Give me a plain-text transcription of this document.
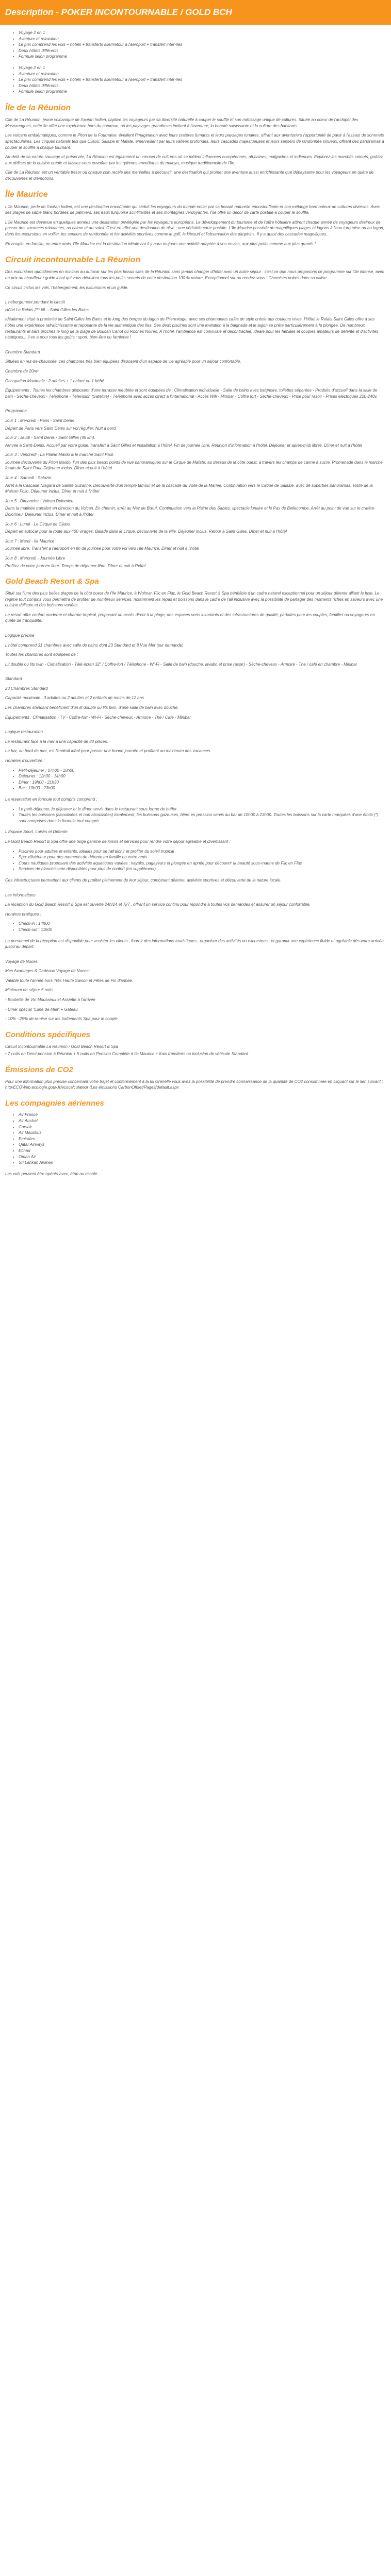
Description - POKER INCONTOURNABLE / GOLD BCH
• Voyage 2 en 1
• Aventure et relaxation
• Le prix comprend les vols + hôtels + transferts aller/retour à l'aéroport + transfert inter-îles
• Deux hôtels différents
• Formule selon programme
• Voyage 2 en 1
• Aventure et relaxation
• Le prix comprend les vols + hôtels + transferts aller/retour à l'aéroport + transfert inter-îles
• Deux hôtels différents
• Formule selon programme
Île de la Réunion

Cîle de La Réunion, jeune volcanique de l'océan Indien, captive les voyageurs par sa diversité naturelle à couper le souffle et son métissage unique de cultures. Située au coeur de l'archipel des Mascareignes, cette île offre une expérience hors du commun, où les paysages grandioses invitent à l'aventure, la beauté saisissante et la culture des habitants.

Les volcans emblématiques, comme le Piton de la Fournaise, éveillent l'imagination avec leurs cratères fumants et leurs paysages lunaires, offrant aux aventuriers l'opportunité de partir à l'assaut de sommets spectaculaires. Les cirques naturels tels que Cilaos, Salazie et Mafate, émerveillent par leurs vallées profondes, leurs cascades majestueuses et leurs sentiers de randonnée sinueux, offrant des panoramas à couper le souffle à chaque tournant.

Au-delà de sa nature sauvage et préservée, La Réunion est également un creuset de cultures où se mêlent influences européennes, africaines, malgaches et indiennes. Explorez les marchés colorés, goûtez aux délices de la cuisine créole et laissez-vous envoûter par les rythmes envoûtants du maloya, musique traditionnelle de l'île.

Cîle de La Réunion est un véritable trésor où chaque coin recèle des merveilles à découvrir, une destination qui promet une aventure aussi enrichissante que dépaysante pour les voyageurs en quête de découvertes et d'émotions.

Île Maurice

L'île Maurice, perle de l'océan Indien, est une destination envoûtante qui séduit les voyageurs du monde entier par sa beauté naturelle époustouflante et son mélange harmonieux de cultures diverses. Avec ses plages de sable blanc bordées de palmiers, ses eaux turquoise scintillantes et ses montagnes verdoyantes, l'île offre un décor de carte postale à couper le souffle.

L'île Maurice est devenue en quelques années une destination privilégiée par les voyageurs européens. Le développement du tourisme et de l'offre hôtelière attirent chaque année de voyageurs désireux de passer des vacances relaxantes, au calme et au soleil. C'est en effet une destination de rêve ; une véritable carte postale. L'île Maurice possède de magnifiques plages et lagons à l'eau turquoise ou au lagon, dans les excursions en voilier, les sentiers de randonnée et les activités sportives comme le golf, le kitesurf et l'observation des dauphins. Il y a aussi des cascades magnifiques...

En couple, en famille, ou entre amis, l'île Maurice est la destination idéale car il y aura toujours une activité adaptée à vos envies, aux plus petits comme aux plus grands !

Circuit incontournable La Réunion

Des excursions quotidiennes en minibus au autocar sur les plus beaux sites de la Réunion sans jamais changer d'hôtel avec un autre séjour : c'est ce que nous proposons ce programme sur l'île intense, avec un prix au chauffeur / guide local qui vous dévoilera tous les petits secrets de cette destination 100 % nature. Exceptionnel sur au rendez-vous ! Chemises noires dans sa valise.

Ce circuit inclus les vols, l'hébergement, les excursions et un guide.

L'hébergement pendant le circuit

Hôtel Le Relais 2** NL - Saint Gilles les Bains

Idéalement situé à proximité de Saint Gilles les Bains et le long des berges du lagon de l'Hermitage, avec ses charmantes cafés de style créole aux couleurs vives, l'Hôtel le Relais Saint Gilles offre à ses hôtes une expérience rafraîchissante et reposante de la vie authentique des îles. Ses deux piscines sont une invitation à la baignade et le lagon se prête particulièrement à la plongée. De nombreux restaurants et bars proches le long de la plage de Boucan Canot ou Roches Noires. À l'hôtel, l'ambiance est conviviale et décontractée, idéale pour les familles et couples amateurs de détente et d'activités nautiques... il en a pour tous les goûts : sport, bien-être ou farniente !

Chambre Standard

Situées en rez-de-chaussée, ces chambres très bien équipées disposent d'un espace de vie agréable pour un séjour confortable.

Chambre de 20m²

Occupation Maximale : 2 adultes + 1 enfant ou 1 bébé

Équipements : Toutes les chambres disposent d'une terrasse meublée et sont équipées de : Climatisation individuelle - Salle de bains avec baignoire, toilettes séparées - Produits d'accueil dans la salle de bain - Sèche-cheveux - Téléphone - Télévision (Satellite) - Téléphone avec accès direct à l'international - Accès Wifi - Minibar - Coffre fort - Sèche-cheveux - Prise pour rasoir - Prises électriques 220-240v.

Programme

Jour 1 : Mercredi - Paris - Saint Denis

Départ de Paris vers Saint Denis sur vol régulier. Nuit à bord.

Jour 2 : Jeudi - Saint Denis / Saint Gilles (45 km).

Arrivée à Saint-Denis. Accueil par votre guide, transfert à Saint Gilles et installation à l'hôtel. Fin de journée libre. Réunion d'information à l'hôtel. Déjeuner et après-midi libres. Dîner et nuit à l'hôtel

Jour 3 : Vendredi - La Plaine Maïdo & le marché Saint Paul.

Journée découverte du Piton Maïdo, l'un des plus beaux points de vue panoramiques sur le Cirque de Mafate, au dessus de la côte ouest, à travers les champs de canne à sucre. Promenade dans le marché forain de Saint Paul. Déjeuner inclus. Dîner et nuit à l'hôtel

Jour 4 : Samedi - Salazie

Arrêt à la Cascade Niagara de Sainte Suzanne. Découverte d'un temple tamoul et de la cascade du Voile de la Mariée. Continuation vers le Cirque de Salazie, avec de superbes panoramas. Visite de la Maison Folio. Déjeuner inclus. Dîner et nuit à l'hôtel

Jour 5 : Dimanche - Volcan Dolomieu

Dans la matinée transfert en direction du Volcan. En chemin, arrêt au Nez de Bœuf. Continuation vers la Plaine des Sables, spectacle lunaire et le Pas de Bellecombe. Arrêt au point de vue sur le cratère Dolomieu. Déjeuner inclus. Dîner et nuit à l'hôtel

Jour 6 : Lundi - Le Cirque de Cilaos

Départ en autocar pour la route aux 400 virages. Balade dans le cirque, découverte de la ville. Déjeuner inclus. Retour à Saint Gilles. Dîner et nuit à l'hôtel

Jour 7 : Mardi - Ile Maurice

Journée libre. Transfert à l'aéroport en fin de journée pour votre vol vers l'Ile Maurice. Dîner et nuit à l'hôtel

Jour 8 : Mercredi - Journée Libre

Profitez de votre journée libre. Temps de déjeuner libre. Dîner et nuit à l'hôtel.

Gold Beach Resort & Spa

Situé sur l'une des plus belles plages de la côte ouest de l'Ile Maurice, à Wolmar, Flic en Flac, le Gold Beach Resort & Spa bénéficie d'un cadre naturel exceptionnel pour un séjour détente alliant le luxe. Le régime tout compris vous permettra de profiter de nombreux services, notamment les repas et boissons dans le cadre de l'all inclusive avec la possibilité de partager des moments riches en saveurs avec une cuisine délicate et des boissons variées.

Le resort offre confort moderne et charme tropical, proposant un accès direct à la plage, des espaces verts luxuriants et des infrastructures de qualité, parfaites pour les couples, familles ou voyageurs en quête de tranquillité.

Logique précise

L'hôtel comprend 31 chambres avec salle de bains dont 23 Standard et 8 Vue Mer (sur demande)

Toutes les chambres sont équipées de :

Lit double ou lits twin - Climatisation - Télé écran 32" / Coffre-fort / Téléphone - Wi-Fi - Salle de bain (douche, lavabo et prise rasoir) - Sèche-cheveux - Armoire - The / café en chambre - Minibar

Standard

23 Chambres Standard

Capacité maximale : 3 adultes ou 2 adultes et 2 enfants de moins de 12 ans

Les chambres standard bénéficient d'un lit double ou lits twin, d'une salle de bain avec douche.

Équipements : Climatisation - TV - Coffre-fort - Wi-Fi - Sèche-cheveux - Armoire - Thé / Café - Minibar

Logique restauration

Le restaurant face à la mer a une capacité de 80 places.

Le bar, au bord de mer, est l'endroit idéal pour passer une bonne journée et profitant au maximum des vacances.

Horaires d'ouverture :

• Petit-déjeuner : 07h00 - 10h00
• Déjeuner : 12h30 - 14h00
• Dîner : 19h00 - 21h30
• Bar : 10h00 - 23h00

La réservation en formule tout compris comprend :

• Le petit-déjeuner, le déjeuner et le dîner servis dans le restaurant sous forme de buffet
• Toutes les boissons (alcoolisées et non alcoolisées) localement, les boissons gazeuses, bière en pression servis au bar de 10h00 à 23h00. Toutes les boissons sur la carte marquées d'une étoile (*) sont comprises dans la formule tout compris.

L'Espace Sport, Loisirs et Détente

Le Gold Beach Resort & Spa offre une large gamme de loisirs et services pour rendre votre séjour agréable et divertissant :

• Piscines pour adultes et enfants, idéales pour se rafraîchir et profiter du soleil tropical
• Spa: d'intérieur pour des moments de détente en famille ou entre amis
• Cours nautiques proposant des activités aquatiques variées : kayaks, pagayeurs et plongée en apnée pour découvrir la beauté sous-marine de Flic en Flac
• Services de blanchisserie disponibles pour plus de confort (en supplément)

Ces infrastructures permettent aux clients de profiter pleinement de leur séjour, combinant détente, activités sportives et découverte de la nature locale.

Les informations

La réception du Gold Beach Resort & Spa est ouverte 24h/24 et 7j/7 , offrant un service continu pour répondre à toutes vos demandes et assurer un séjour confortable.

Horaires pratiques :

• Check-in : 14h00
• Check-out : 11h00

Le personnel de la réception est disponible pour assister les clients , fournir des informations touristiques , organiser des activités ou excursions , et garantir une expérience fluide et agréable dès votre arrivée jusqu'au départ.

Voyage de Noces

Mes Avantages & Cadeaux Voyage de Noces:

Valable toute l'année hors Très Haute Saison et Fêtes de Fin d'année.

Minimum de séjour 5 nuits

- Bouteille de Vin Mousseux et Assiette à l'arrivée

- Dîner spécial "Lune de Miel" + Gâteau

- 10% - 25% de remise sur les traitements Spa pour le couple

Conditions spécifiques

Circuit Incontournable La Réunion / Gold Beach Resort & Spa

• 7 nuits en Demi-pension à Réunion + 5 nuits en Pension Complète à Ile Maurice + frais transferts ou inclusion de véhicule Standard

Émissions de CO2

Pour une information plus précise concernant votre trajet et conformément à la loi Grenelle vous avez la possibilité de prendre connaissance de la quantité de CO2 consommée en cliquant sur le lien suivant : http/ECOWeb.ecologie.gouv.fr/ecocalculateur (Les émissions CarbonOffset/Pages/default.aspx

Les compagnies aériennes
• Air France
• Air Austral
• Corsair
• Air Mauritius
• Emirates
• Qatar Airways
• Etihad
• Oman Air
• Sri Lankan Airlines

Les vols peuvent être opérés avec, étap au escale.
